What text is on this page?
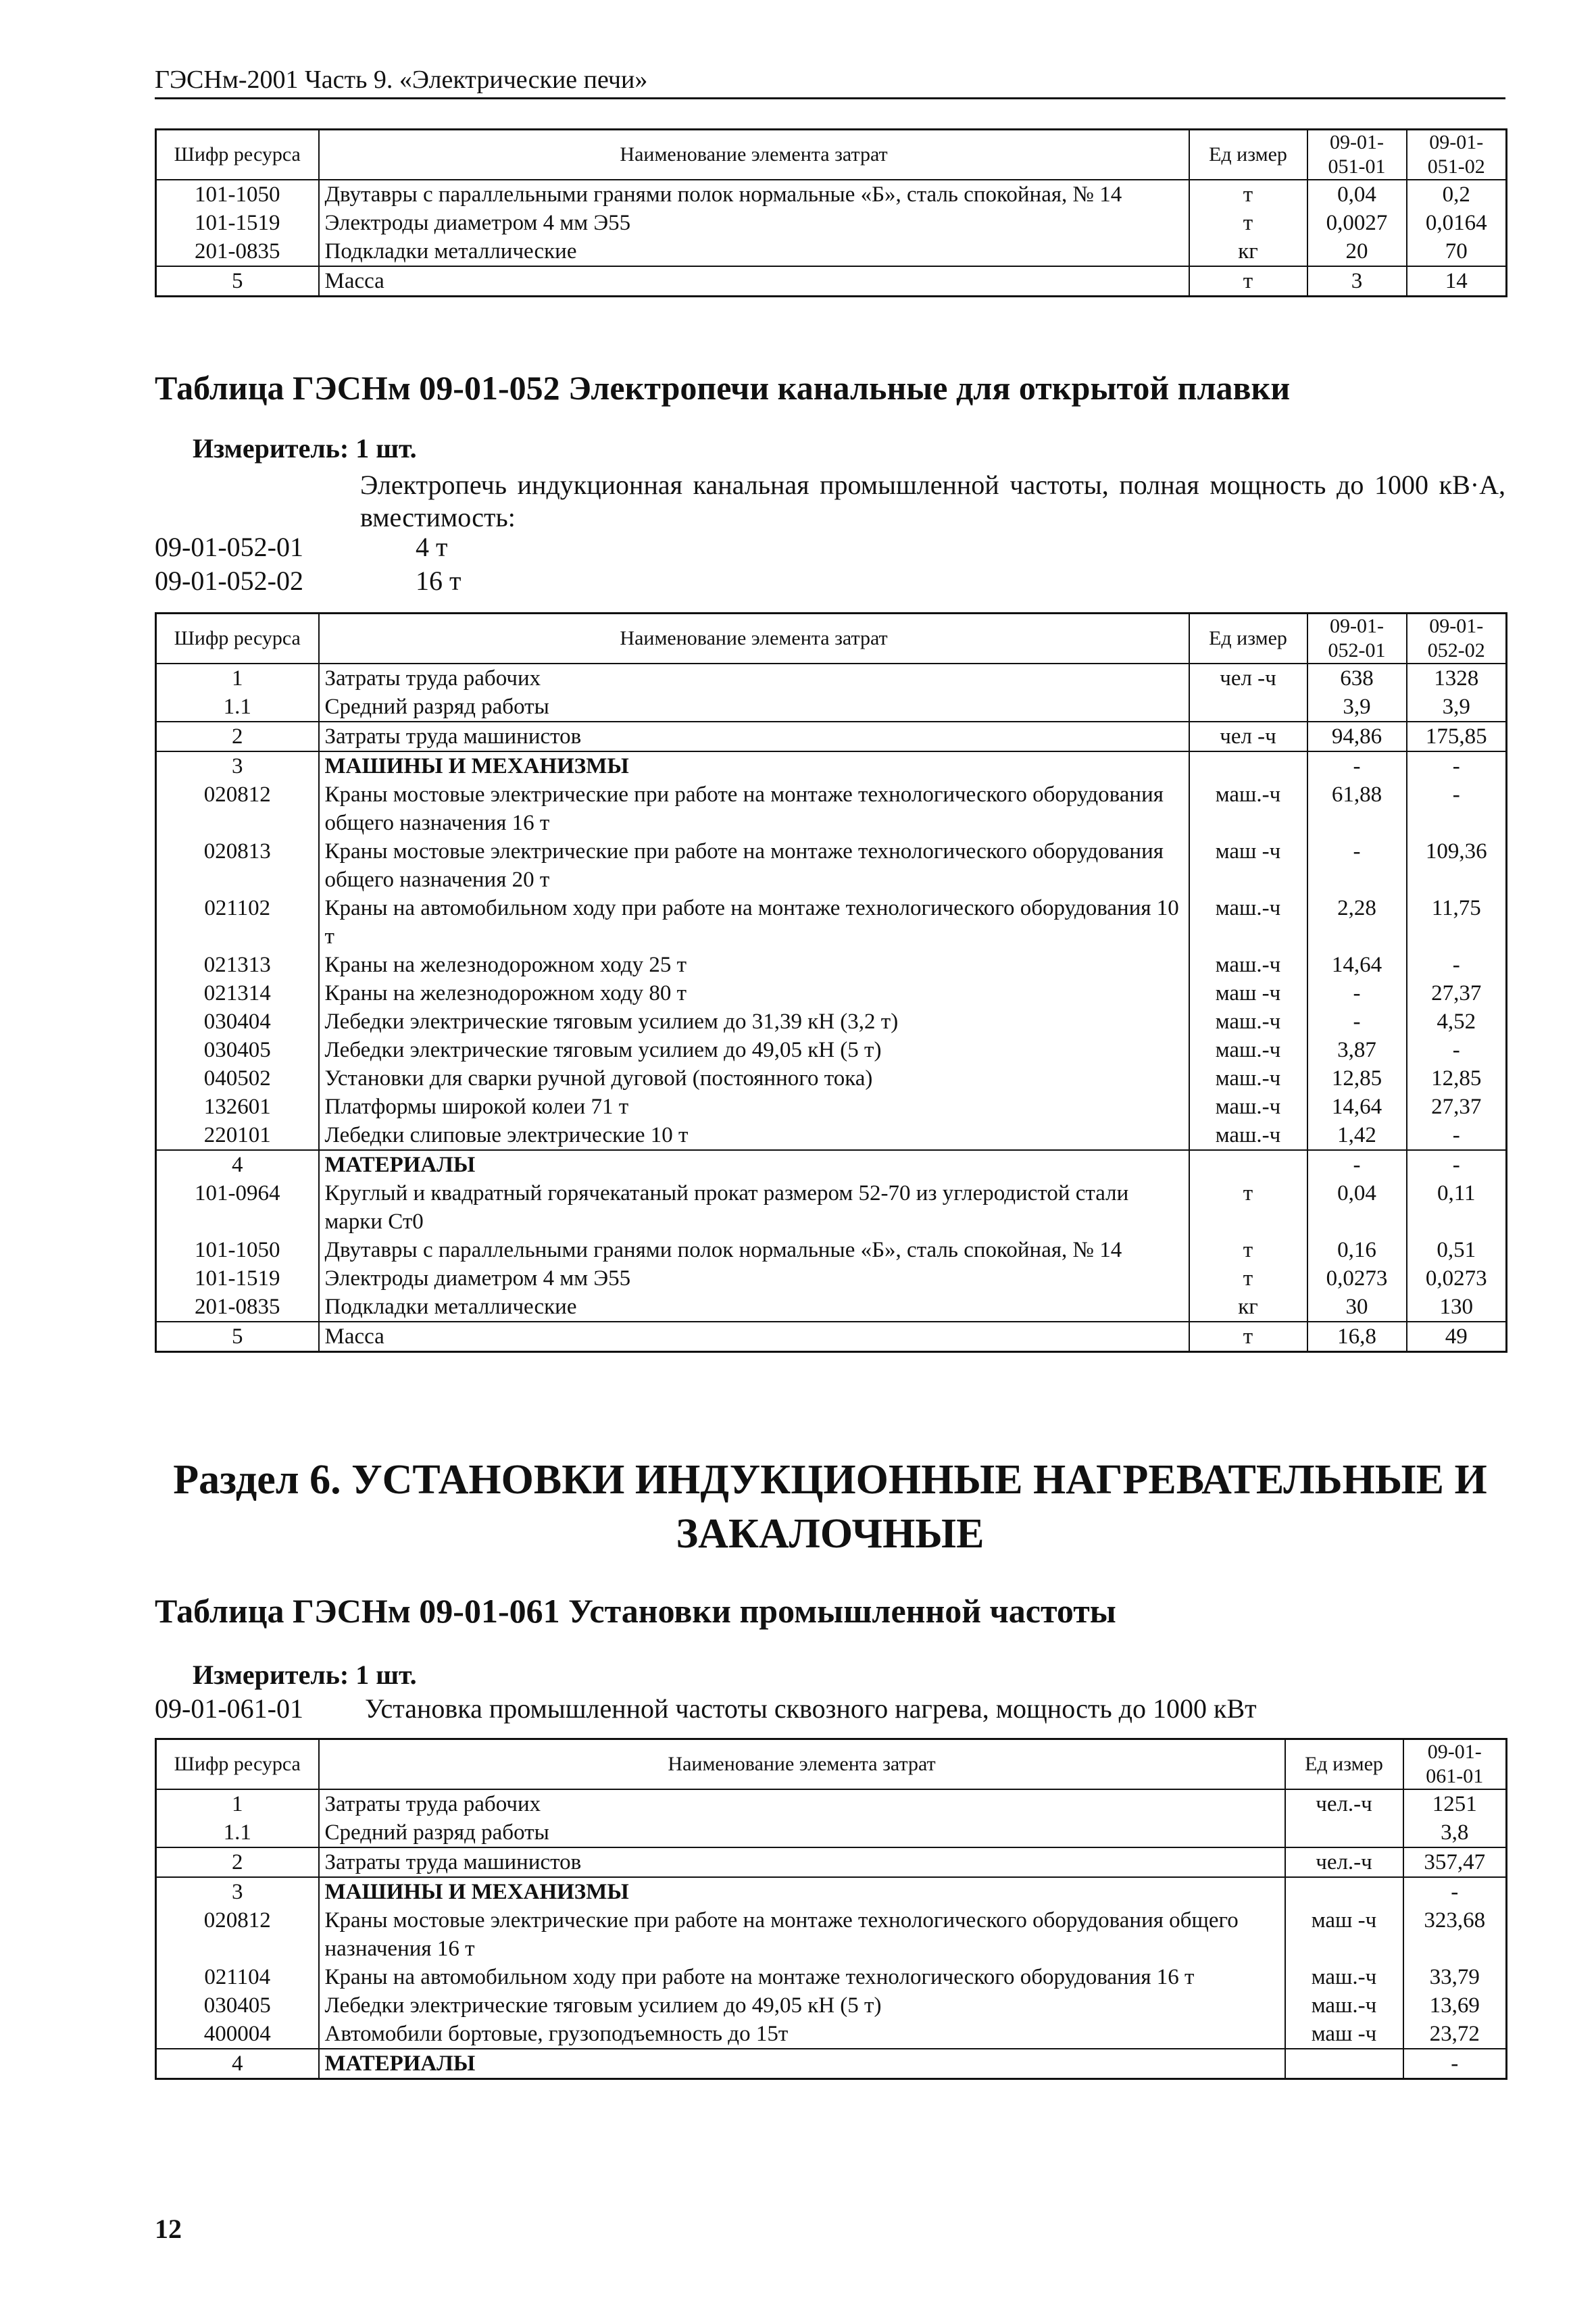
ГЭСНм-2001 Часть 9. «Электрические печи»
Шифр ресурса	Наименование элемента затрат	Ед измер	09-01-051-01	09-01-051-02
101-1050	Двутавры с параллельными гранями полок нормальные «Б», сталь спокойная, № 14	т	0,04	0,2
101-1519	Электроды диаметром 4 мм Э55	т	0,0027	0,0164
201-0835	Подкладки металлические	кг	20	70
5	Масса	т	3	14
Таблица ГЭСНм 09-01-052 Электропечи канальные для открытой плавки
Измеритель: 1 шт.
Электропечь индукционная канальная промышленной частоты, полная мощность до 1000 кВ·А, вместимость:
09-01-052-01	4 т
09-01-052-02	16 т
Шифр ресурса	Наименование элемента затрат	Ед измер	09-01-052-01	09-01-052-02
1	Затраты труда рабочих	чел -ч	638	1328
1.1	Средний разряд работы		3,9	3,9
2	Затраты труда машинистов	чел -ч	94,86	175,85
3	МАШИНЫ И МЕХАНИЗМЫ		-	-
020812	Краны мостовые электрические при работе на монтаже технологического оборудования общего назначения 16 т	маш.-ч	61,88	-
020813	Краны мостовые электрические при работе на монтаже технологического оборудования общего назначения 20 т	маш -ч	-	109,36
021102	Краны на автомобильном ходу при работе на монтаже технологического оборудования 10 т	маш.-ч	2,28	11,75
021313	Краны на железнодорожном ходу 25 т	маш.-ч	14,64	-
021314	Краны на железнодорожном ходу 80 т	маш -ч	-	27,37
030404	Лебедки электрические тяговым усилием до 31,39 кН (3,2 т)	маш.-ч	-	4,52
030405	Лебедки электрические тяговым усилием до 49,05 кН (5 т)	маш.-ч	3,87	-
040502	Установки для сварки ручной дуговой (постоянного тока)	маш.-ч	12,85	12,85
132601	Платформы широкой колеи 71 т	маш.-ч	14,64	27,37
220101	Лебедки слиповые электрические 10 т	маш.-ч	1,42	-
4	МАТЕРИАЛЫ		-	-
101-0964	Круглый и квадратный горячекатаный прокат размером 52-70 из углеродистой стали марки Ст0	т	0,04	0,11
101-1050	Двутавры с параллельными гранями полок нормальные «Б», сталь спокойная, № 14	т	0,16	0,51
101-1519	Электроды диаметром 4 мм Э55	т	0,0273	0,0273
201-0835	Подкладки металлические	кг	30	130
5	Масса	т	16,8	49
Раздел 6. УСТАНОВКИ ИНДУКЦИОННЫЕ НАГРЕВАТЕЛЬНЫЕ И ЗАКАЛОЧНЫЕ
Таблица ГЭСНм 09-01-061 Установки промышленной частоты
Измеритель: 1 шт.
09-01-061-01 Установка промышленной частоты сквозного нагрева, мощность до 1000 кВт
Шифр ресурса	Наименование элемента затрат	Ед измер	09-01-061-01
1	Затраты труда рабочих	чел.-ч	1251
1.1	Средний разряд работы		3,8
2	Затраты труда машинистов	чел.-ч	357,47
3	МАШИНЫ И МЕХАНИЗМЫ		-
020812	Краны мостовые электрические при работе на монтаже технологического оборудования общего назначения 16 т	маш -ч	323,68
021104	Краны на автомобильном ходу при работе на монтаже технологического оборудования 16 т	маш.-ч	33,79
030405	Лебедки электрические тяговым усилием до 49,05 кН (5 т)	маш.-ч	13,69
400004	Автомобили бортовые, грузоподъемность до 15т	маш -ч	23,72
4	МАТЕРИАЛЫ		-
12
